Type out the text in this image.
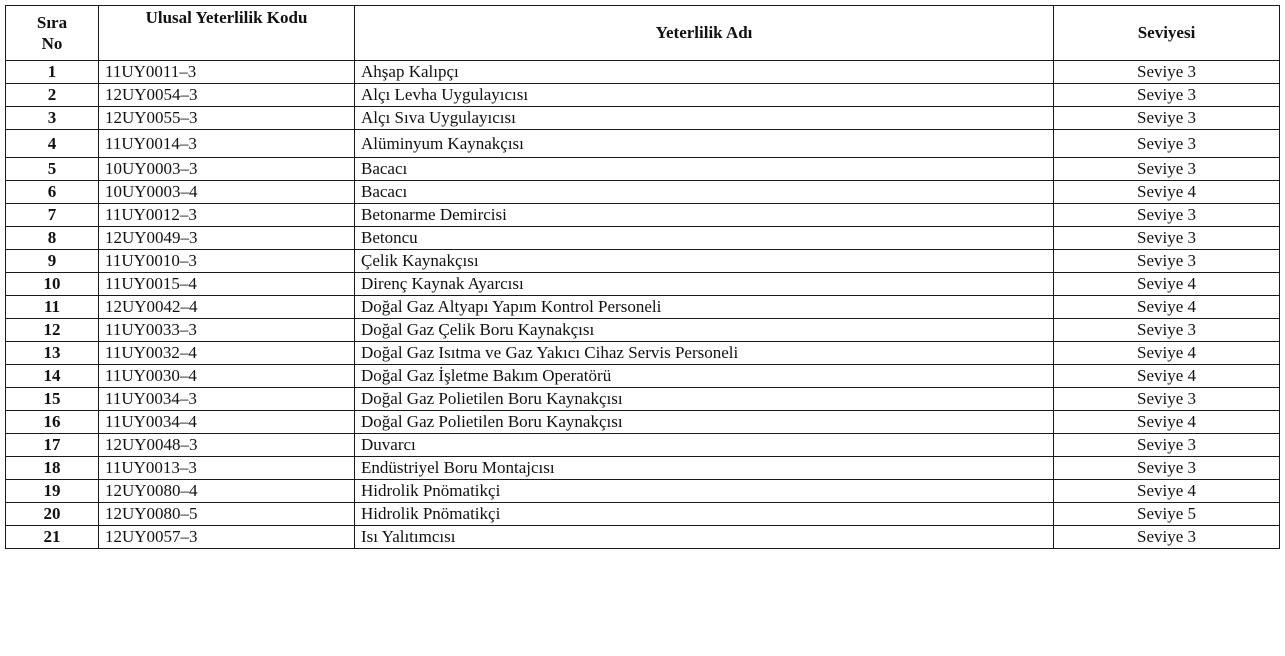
Sıra
No	Ulusal Yeterlilik Kodu	Yeterlilik Adı	Seviyesi
1	11UY0011–3	Ahşap Kalıpçı	Seviye 3
2	12UY0054–3	Alçı Levha Uygulayıcısı	Seviye 3
3	12UY0055–3	Alçı Sıva Uygulayıcısı	Seviye 3
4	11UY0014–3	Alüminyum Kaynakçısı	Seviye 3
5	10UY0003–3	Bacacı	Seviye 3
6	10UY0003–4	Bacacı	Seviye 4
7	11UY0012–3	Betonarme Demircisi	Seviye 3
8	12UY0049–3	Betoncu	Seviye 3
9	11UY0010–3	Çelik Kaynakçısı	Seviye 3
10	11UY0015–4	Direnç Kaynak Ayarcısı	Seviye 4
11	12UY0042–4	Doğal Gaz Altyapı Yapım Kontrol Personeli	Seviye 4
12	11UY0033–3	Doğal Gaz Çelik Boru Kaynakçısı	Seviye 3
13	11UY0032–4	Doğal Gaz Isıtma ve Gaz Yakıcı Cihaz Servis Personeli	Seviye 4
14	11UY0030–4	Doğal Gaz İşletme Bakım Operatörü	Seviye 4
15	11UY0034–3	Doğal Gaz Polietilen Boru Kaynakçısı	Seviye 3
16	11UY0034–4	Doğal Gaz Polietilen Boru Kaynakçısı	Seviye 4
17	12UY0048–3	Duvarcı	Seviye 3
18	11UY0013–3	Endüstriyel Boru Montajcısı	Seviye 3
19	12UY0080–4	Hidrolik Pnömatikçi	Seviye 4
20	12UY0080–5	Hidrolik Pnömatikçi	Seviye 5
21	12UY0057–3	Isı Yalıtımcısı	Seviye 3
